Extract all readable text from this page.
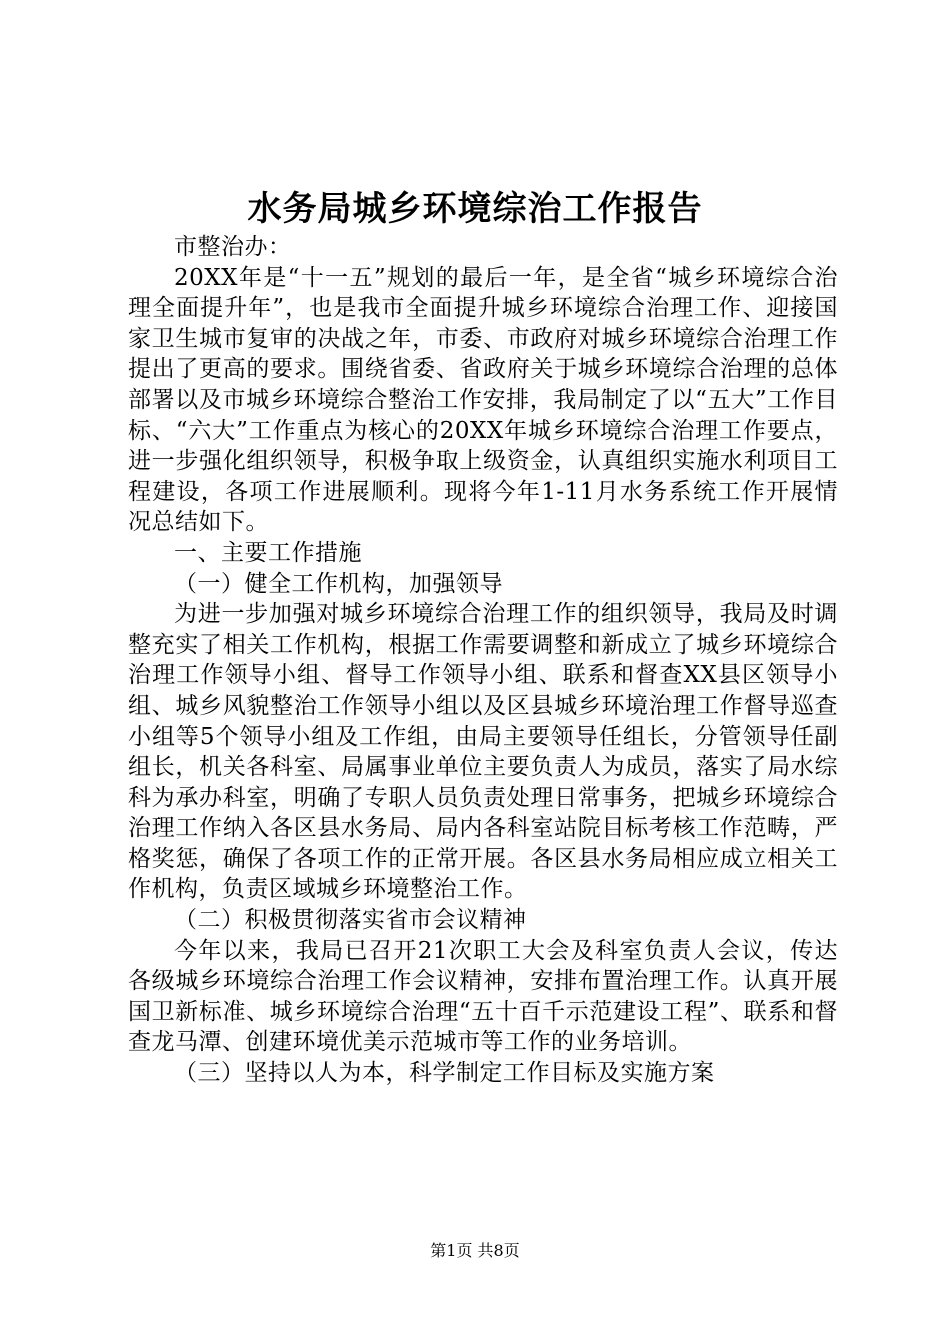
水务局城乡环境综治工作报告

市整治办：

20XX年是“十一五”规划的最后一年，是全省“城乡环境综合治理全面提升年”，也是我市全面提升城乡环境综合治理工作、迎接国家卫生城市复审的决战之年，市委、市政府对城乡环境综合治理工作提出了更高的要求。围绕省委、省政府关于城乡环境综合治理的总体部署以及市城乡环境综合整治工作安排，我局制定了以“五大”工作目标、“六大”工作重点为核心的20XX年城乡环境综合治理工作要点，进一步强化组织领导，积极争取上级资金，认真组织实施水利项目工程建设，各项工作进展顺利。现将今年1-11月水务系统工作开展情况总结如下。

一、主要工作措施

（一）健全工作机构，加强领导

为进一步加强对城乡环境综合治理工作的组织领导，我局及时调整充实了相关工作机构，根据工作需要调整和新成立了城乡环境综合治理工作领导小组、督导工作领导小组、联系和督查XX县区领导小组、城乡风貌整治工作领导小组以及区县城乡环境治理工作督导巡查小组等5个领导小组及工作组，由局主要领导任组长，分管领导任副组长，机关各科室、局属事业单位主要负责人为成员，落实了局水综科为承办科室，明确了专职人员负责处理日常事务，把城乡环境综合治理工作纳入各区县水务局、局内各科室站院目标考核工作范畴，严格奖惩，确保了各项工作的正常开展。各区县水务局相应成立相关工作机构，负责区域城乡环境整治工作。

（二）积极贯彻落实省市会议精神

今年以来，我局已召开21次职工大会及科室负责人会议，传达各级城乡环境综合治理工作会议精神，安排布置治理工作。认真开展国卫新标准、城乡环境综合治理“五十百千示范建设工程”、联系和督查龙马潭、创建环境优美示范城市等工作的业务培训。

（三）坚持以人为本，科学制定工作目标及实施方案

第1页 共8页
